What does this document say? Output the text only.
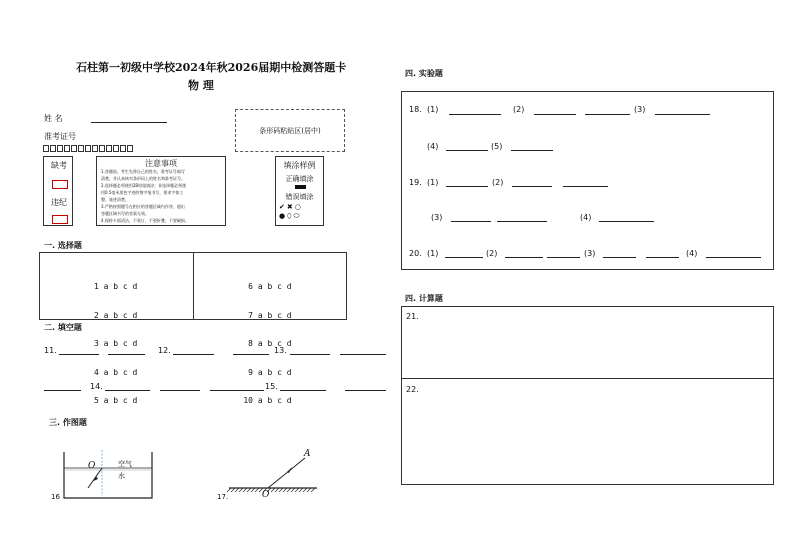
石柱第一初级中学校2024年秋2026届期中检测答题卡
物 理
姓 名
准考证号
缺考
违纪
注意事项
1.答题前，考生先将自己的姓名、准考证号填写
清楚，并认真核对条形码上的姓名和准考证号。
2.选择题必须使用2B铅笔填涂；非选择题必须使
用0.5毫米黑色字迹的签字笔书写，要求字体工
整、笔迹清楚。
3.严格按照题号在相应的答题区域内作答，超出
答题区域书写的答案无效。
4.保持卡面清洁，不装订，不要折叠，不要破损。
条形码粘贴区(居中)
填涂样例
正确填涂
错误填涂
✔✖○
●⬯⬭
一. 选择题

1 a b c d

2 a b c d

3 a b c d

4 a b c d

5 a b c d

6 a b c d

7 a b c d

8 a b c d

9 a b c d

10 a b c d

二. 填空题
11.	12.	13.
14.	15.
三. 作图题
O	空气
水
16
A
O
17.
四. 实验题
18. (1)	(2)	(3)
(4)	(5)
19. (1)	(2)
(3)	(4)
20. (1)	(2)	(3)	(4)
四. 计算题
21.
22.
